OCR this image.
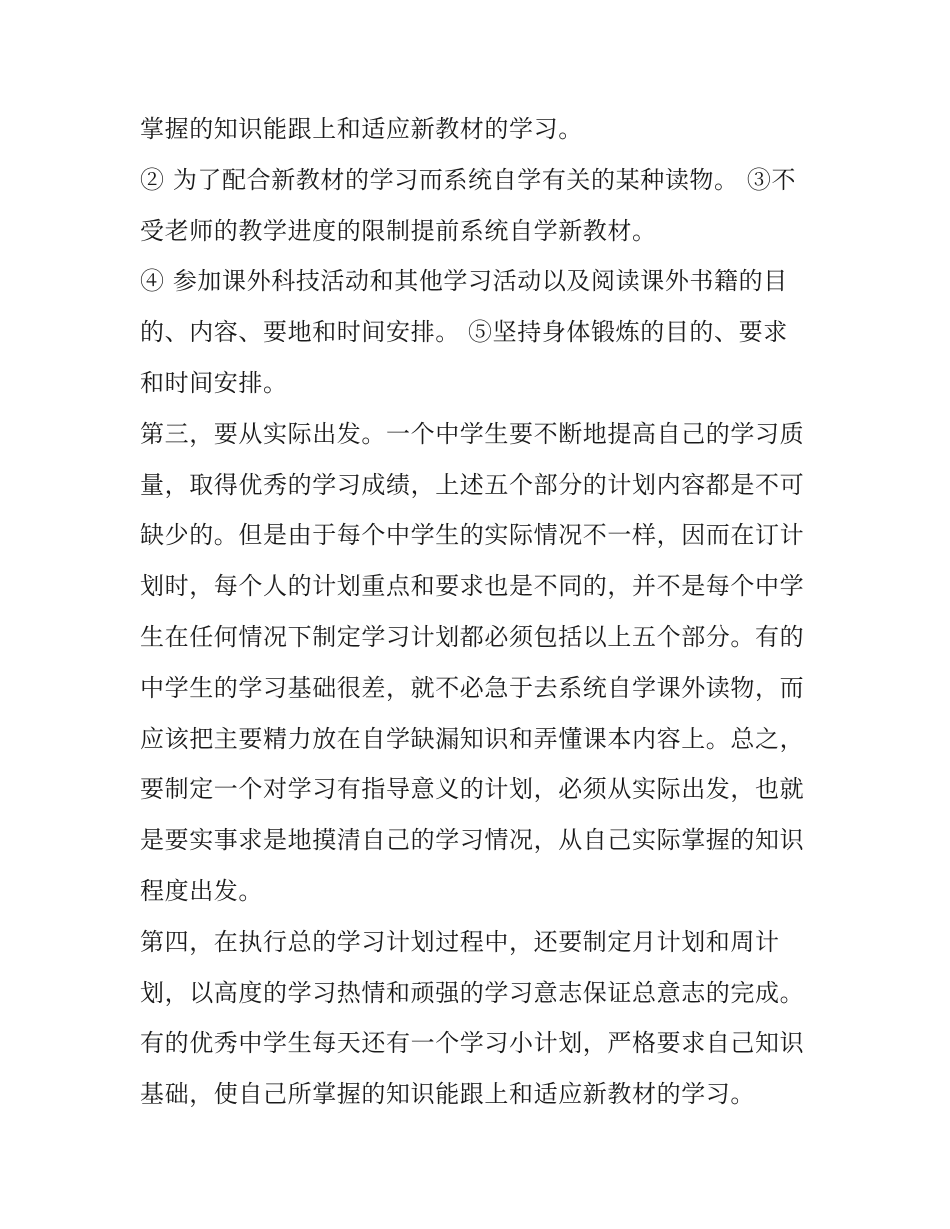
掌握的知识能跟上和适应新教材的学习。
② 为了配合新教材的学习而系统自学有关的某种读物。 ③不
受老师的教学进度的限制提前系统自学新教材。
④ 参加课外科技活动和其他学习活动以及阅读课外书籍的目
的、内容、要地和时间安排。 ⑤坚持身体锻炼的目的、要求
和时间安排。
第三，要从实际出发。一个中学生要不断地提高自己的学习质
量，取得优秀的学习成绩，上述五个部分的计划内容都是不可
缺少的。但是由于每个中学生的实际情况不一样，因而在订计
划时，每个人的计划重点和要求也是不同的，并不是每个中学
生在任何情况下制定学习计划都必须包括以上五个部分。有的
中学生的学习基础很差，就不必急于去系统自学课外读物，而
应该把主要精力放在自学缺漏知识和弄懂课本内容上。总之，
要制定一个对学习有指导意义的计划，必须从实际出发，也就
是要实事求是地摸清自己的学习情况，从自己实际掌握的知识
程度出发。
第四，在执行总的学习计划过程中，还要制定月计划和周计
划，以高度的学习热情和顽强的学习意志保证总意志的完成。
有的优秀中学生每天还有一个学习小计划，严格要求自己知识
基础，使自己所掌握的知识能跟上和适应新教材的学习。
